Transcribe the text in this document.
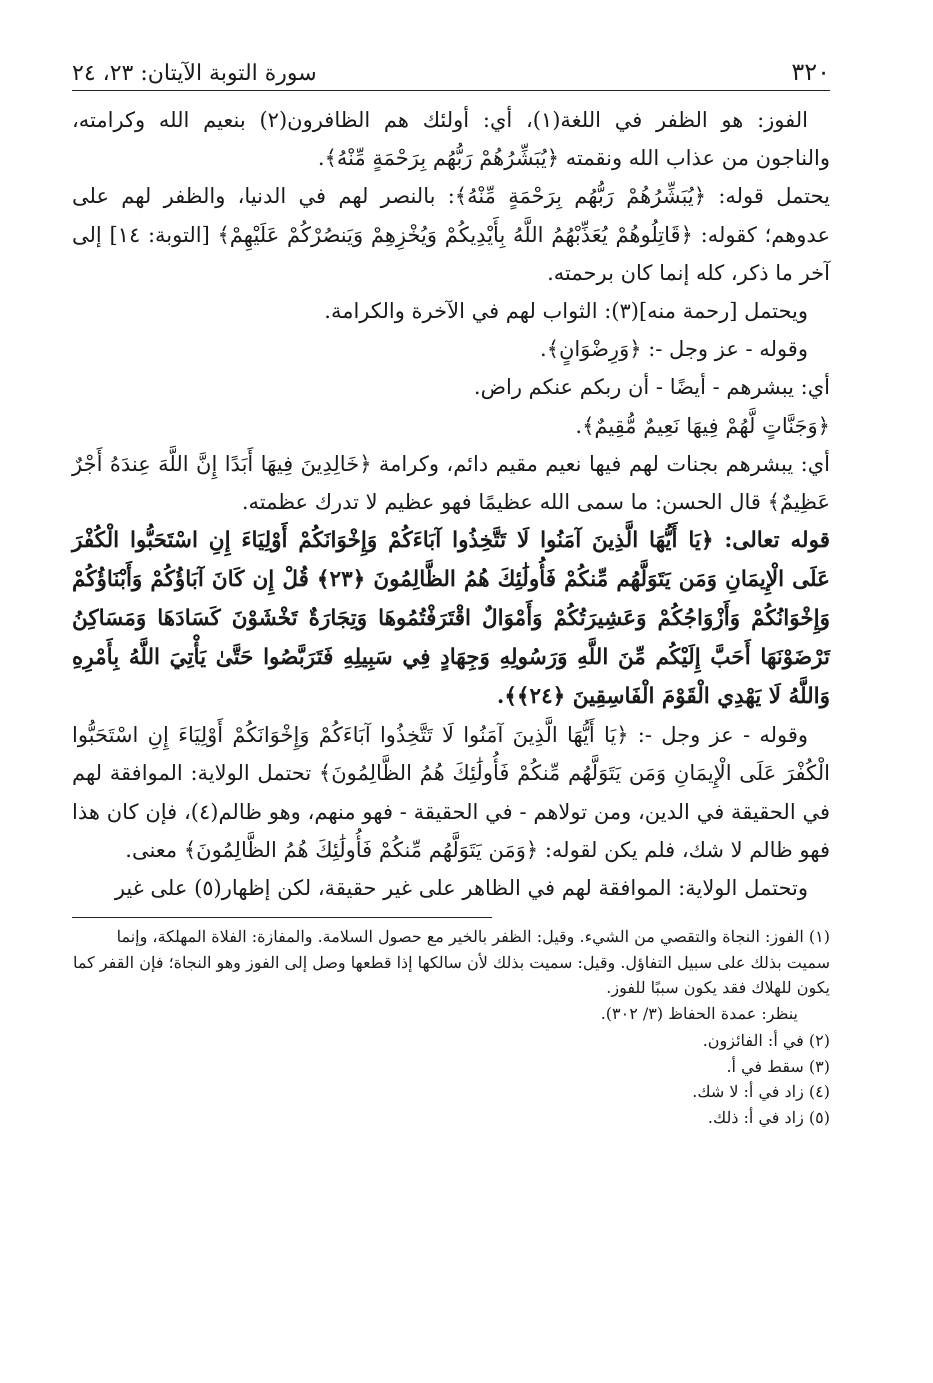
٣٢٠
سورة التوبة الآيتان: ٢٣، ٢٤

الفوز: هو الظفر في اللغة(١)، أي: أولئك هم الظافرون(٢) بنعيم الله وكرامته، والناجون من عذاب الله ونقمته ﴿يُبَشِّرُهُمْ رَبُّهُم بِرَحْمَةٍ مِّنْهُ﴾.

يحتمل قوله: ﴿يُبَشِّرُهُمْ رَبُّهُم بِرَحْمَةٍ مِّنْهُ﴾: بالنصر لهم في الدنيا، والظفر لهم على عدوهم؛ كقوله: ﴿قَاتِلُوهُمْ يُعَذِّبْهُمُ اللَّهُ بِأَيْدِيكُمْ وَيُخْزِهِمْ وَيَنصُرْكُمْ عَلَيْهِمْ﴾ [التوبة: ١٤] إلى آخر ما ذكر، كله إنما كان برحمته.

ويحتمل [رحمة منه](٣): الثواب لهم في الآخرة والكرامة.

وقوله - عز وجل -: ﴿وَرِضْوَانٍ﴾.

أي: يبشرهم - أيضًا - أن ربكم عنكم راض.

﴿وَجَنَّاتٍ لَّهُمْ فِيهَا نَعِيمٌ مُّقِيمٌ﴾.

أي: يبشرهم بجنات لهم فيها نعيم مقيم دائم، وكرامة ﴿خَالِدِينَ فِيهَا أَبَدًا إِنَّ اللَّهَ عِندَهُ أَجْرٌ عَظِيمٌ﴾ قال الحسن: ما سمى الله عظيمًا فهو عظيم لا تدرك عظمته.

قوله تعالى: ﴿يَا أَيُّهَا الَّذِينَ آمَنُوا لَا تَتَّخِذُوا آبَاءَكُمْ وَإِخْوَانَكُمْ أَوْلِيَاءَ إِنِ اسْتَحَبُّوا الْكُفْرَ عَلَى الْإِيمَانِ وَمَن يَتَوَلَّهُم مِّنكُمْ فَأُولَٰئِكَ هُمُ الظَّالِمُونَ ﴿٢٣﴾ قُلْ إِن كَانَ آبَاؤُكُمْ وَأَبْنَاؤُكُمْ وَإِخْوَانُكُمْ وَأَزْوَاجُكُمْ وَعَشِيرَتُكُمْ وَأَمْوَالٌ اقْتَرَفْتُمُوهَا وَتِجَارَةٌ تَخْشَوْنَ كَسَادَهَا وَمَسَاكِنُ تَرْضَوْنَهَا أَحَبَّ إِلَيْكُم مِّنَ اللَّهِ وَرَسُولِهِ وَجِهَادٍ فِي سَبِيلِهِ فَتَرَبَّصُوا حَتَّىٰ يَأْتِيَ اللَّهُ بِأَمْرِهِ وَاللَّهُ لَا يَهْدِي الْقَوْمَ الْفَاسِقِينَ ﴿٢٤﴾﴾.

وقوله - عز وجل -: ﴿يَا أَيُّهَا الَّذِينَ آمَنُوا لَا تَتَّخِذُوا آبَاءَكُمْ وَإِخْوَانَكُمْ أَوْلِيَاءَ إِنِ اسْتَحَبُّوا الْكُفْرَ عَلَى الْإِيمَانِ وَمَن يَتَوَلَّهُم مِّنكُمْ فَأُولَٰئِكَ هُمُ الظَّالِمُونَ﴾ تحتمل الولاية: الموافقة لهم في الحقيقة في الدين، ومن تولاهم - في الحقيقة - فهو منهم، وهو ظالم(٤)، فإن كان هذا فهو ظالم لا شك، فلم يكن لقوله: ﴿وَمَن يَتَوَلَّهُم مِّنكُمْ فَأُولَٰئِكَ هُمُ الظَّالِمُونَ﴾ معنى.

وتحتمل الولاية: الموافقة لهم في الظاهر على غير حقيقة، لكن إظهار(٥) على غير

(١) الفوز: النجاة والتقصي من الشيء. وقيل: الظفر بالخير مع حصول السلامة. والمفازة: الفلاة المهلكة، وإنما سميت بذلك على سبيل التفاؤل. وقيل: سميت بذلك لأن سالكها إذا قطعها وصل إلى الفوز وهو النجاة؛ فإن القفر كما يكون للهلاك فقد يكون سببًا للفوز.
ينظر: عمدة الحفاظ (٣/ ٣٠٢).
(٢) في أ: الفائزون.
(٣) سقط في أ.
(٤) زاد في أ: لا شك.
(٥) زاد في أ: ذلك.
